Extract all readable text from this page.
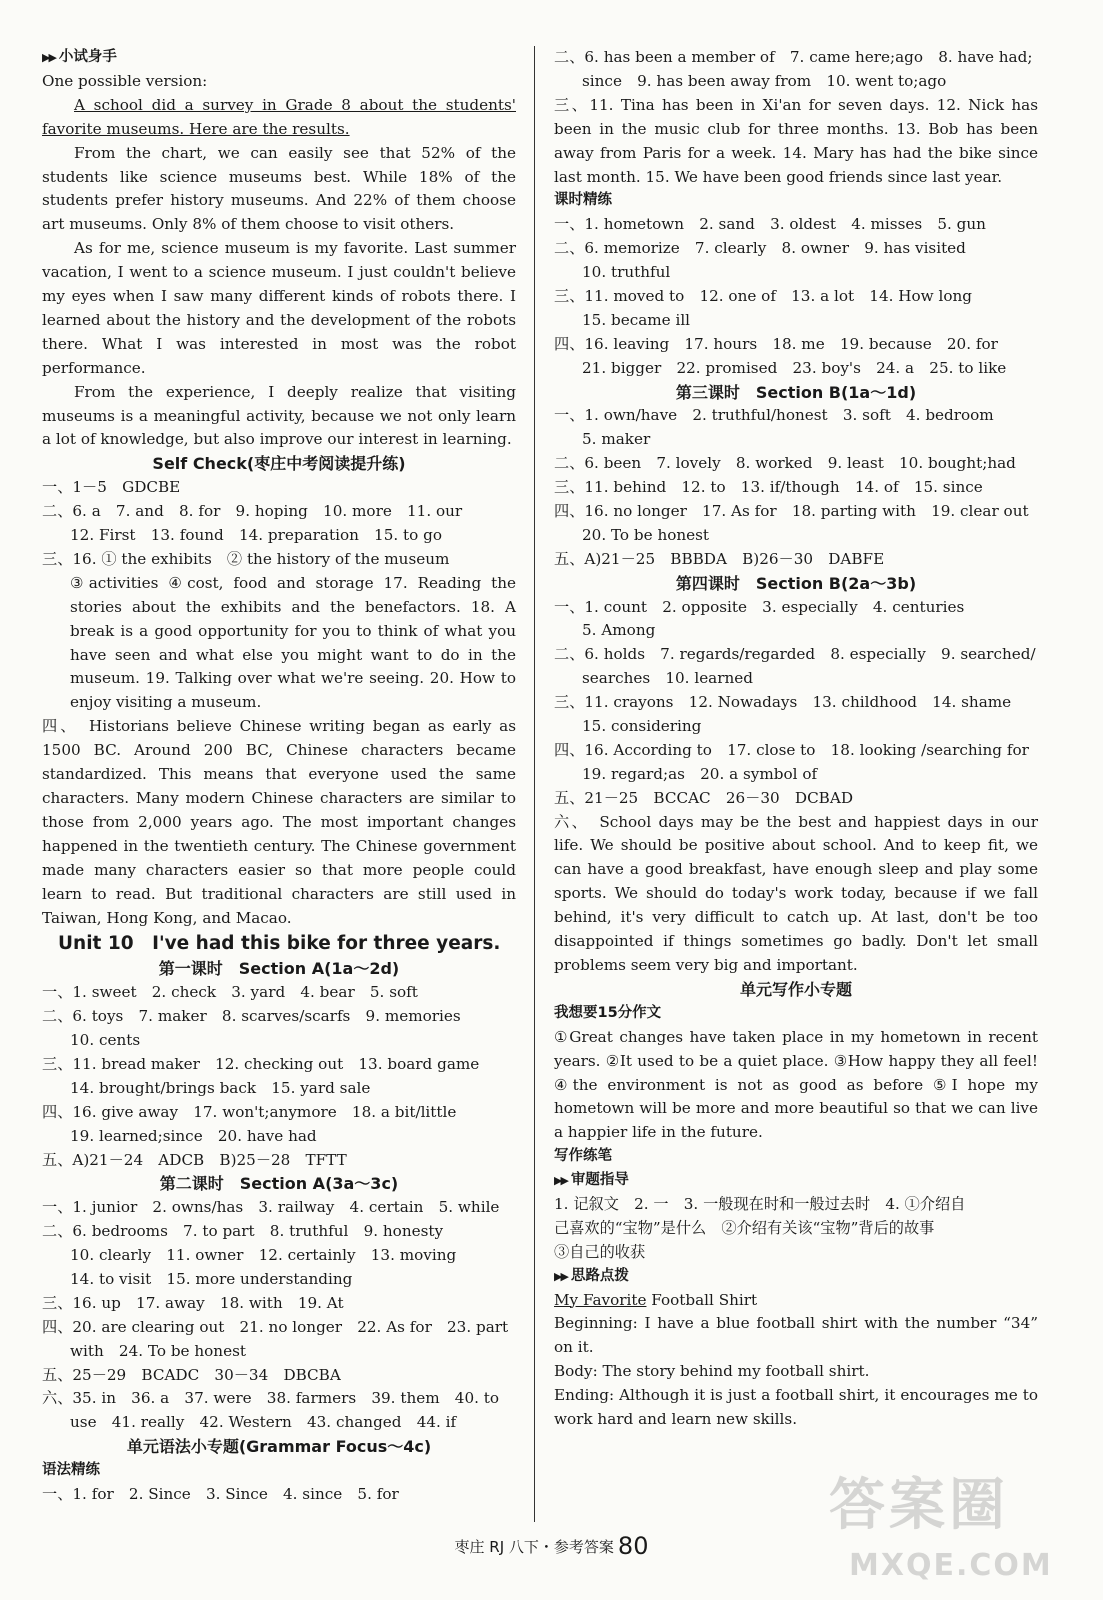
▶▶ 小试身手
One possible version:

A school did a survey in Grade 8 about the students' favorite museums. Here are the results.

From the chart, we can easily see that 52% of the students like science museums best. While 18% of the students prefer history museums. And 22% of them choose art museums. Only 8% of them choose to visit others.

As for me, science museum is my favorite. Last summer vacation, I went to a science museum. I just couldn't believe my eyes when I saw many different kinds of robots there. I learned about the history and the development of the robots there. What I was interested in most was the robot performance.

From the experience, I deeply realize that visiting museums is a meaningful activity, because we not only learn a lot of knowledge, but also improve our interest in learning.

Self Check(枣庄中考阅读提升练)
一、1－5　GDCBE
二、6. a　7. and　8. for　9. hoping　10. more　11. our
12. First　13. found　14. preparation　15. to go
三、16. ① the exhibits　② the history of the museum
③activities ④cost, food and storage 17. Reading the stories about the exhibits and the benefactors. 18. A break is a good opportunity for you to think of what you have seen and what else you might want to do in the museum. 19. Talking over what we're seeing. 20. How to enjoy visiting a museum.

四、　Historians believe Chinese writing began as early as 1500 BC. Around 200 BC, Chinese characters became standardized. This means that everyone used the same characters. Many modern Chinese characters are similar to those from 2,000 years ago. The most important changes happened in the twentieth century. The Chinese government made many characters easier so that more people could learn to read. But traditional characters are still used in Taiwan, Hong Kong, and Macao.

Unit 10　I've had this bike for three years.
第一课时　Section A(1a～2d)
一、1. sweet　2. check　3. yard　4. bear　5. soft
二、6. toys　7. maker　8. scarves/scarfs　9. memories
10. cents
三、11. bread maker　12. checking out　13. board game
14. brought/brings back　15. yard sale
四、16. give away　17. won't;anymore　18. a bit/little
19. learned;since　20. have had
五、A)21－24　ADCB　B)25－28　TFTT
第二课时　Section A(3a～3c)
一、1. junior　2. owns/has　3. railway　4. certain　5. while
二、6. bedrooms　7. to part　8. truthful　9. honesty
10. clearly　11. owner　12. certainly　13. moving
14. to visit　15. more understanding
三、16. up　17. away　18. with　19. At
四、20. are clearing out　21. no longer　22. As for　23. part
with　24. To be honest
五、25－29　BCADC　30－34　DBCBA
六、35. in　36. a　37. were　38. farmers　39. them　40. to
use　41. really　42. Western　43. changed　44. if
单元语法小专题(Grammar Focus～4c)
语法精练
一、1. for　2. Since　3. Since　4. since　5. for
二、6. has been a member of　7. came here;ago　8. have had;
since　9. has been away from　10. went to;ago

三、11. Tina has been in Xi'an for seven days. 12. Nick has been in the music club for three months. 13. Bob has been away from Paris for a week. 14. Mary has had the bike since last month. 15. We have been good friends since last year.

课时精练
一、1. hometown　2. sand　3. oldest　4. misses　5. gun
二、6. memorize　7. clearly　8. owner　9. has visited
10. truthful
三、11. moved to　12. one of　13. a lot　14. How long
15. became ill
四、16. leaving　17. hours　18. me　19. because　20. for
21. bigger　22. promised　23. boy's　24. a　25. to like
第三课时　Section B(1a～1d)
一、1. own/have　2. truthful/honest　3. soft　4. bedroom
5. maker
二、6. been　7. lovely　8. worked　9. least　10. bought;had
三、11. behind　12. to　13. if/though　14. of　15. since
四、16. no longer　17. As for　18. parting with　19. clear out
20. To be honest
五、A)21－25　BBBDA　B)26－30　DABFE
第四课时　Section B(2a～3b)
一、1. count　2. opposite　3. especially　4. centuries
5. Among
二、6. holds　7. regards/regarded　8. especially　9. searched/
searches　10. learned
三、11. crayons　12. Nowadays　13. childhood　14. shame
15. considering
四、16. According to　17. close to　18. looking /searching for
19. regard;as　20. a symbol of
五、21－25　BCCAC　26－30　DCBAD

六、　School days may be the best and happiest days in our life. We should be positive about school. And to keep fit, we can have a good breakfast, have enough sleep and play some sports. We should do today's work today, because if we fall behind, it's very difficult to catch up. At last, don't be too disappointed if things sometimes go badly. Don't let small problems seem very big and important.

单元写作小专题
我想要15分作文

①Great changes have taken place in my hometown in recent years. ②It used to be a quiet place. ③How happy they all feel! ④the environment is not as good as before ⑤I hope my hometown will be more and more beautiful so that we can live a happier life in the future.

写作练笔
▶▶ 审题指导
1. 记叙文　2. 一　3. 一般现在时和一般过去时　4. ①介绍自
己喜欢的“宝物”是什么　②介绍有关该“宝物”背后的故事
③自己的收获
▶▶ 思路点拨
My Favorite Football Shirt

Beginning: I have a blue football shirt with the number “34” on it.

Body: The story behind my football shirt.

Ending: Although it is just a football shirt, it encourages me to work hard and learn new skills.

枣庄 RJ 八下・参考答案 80
答案圈
MXQE.COM
